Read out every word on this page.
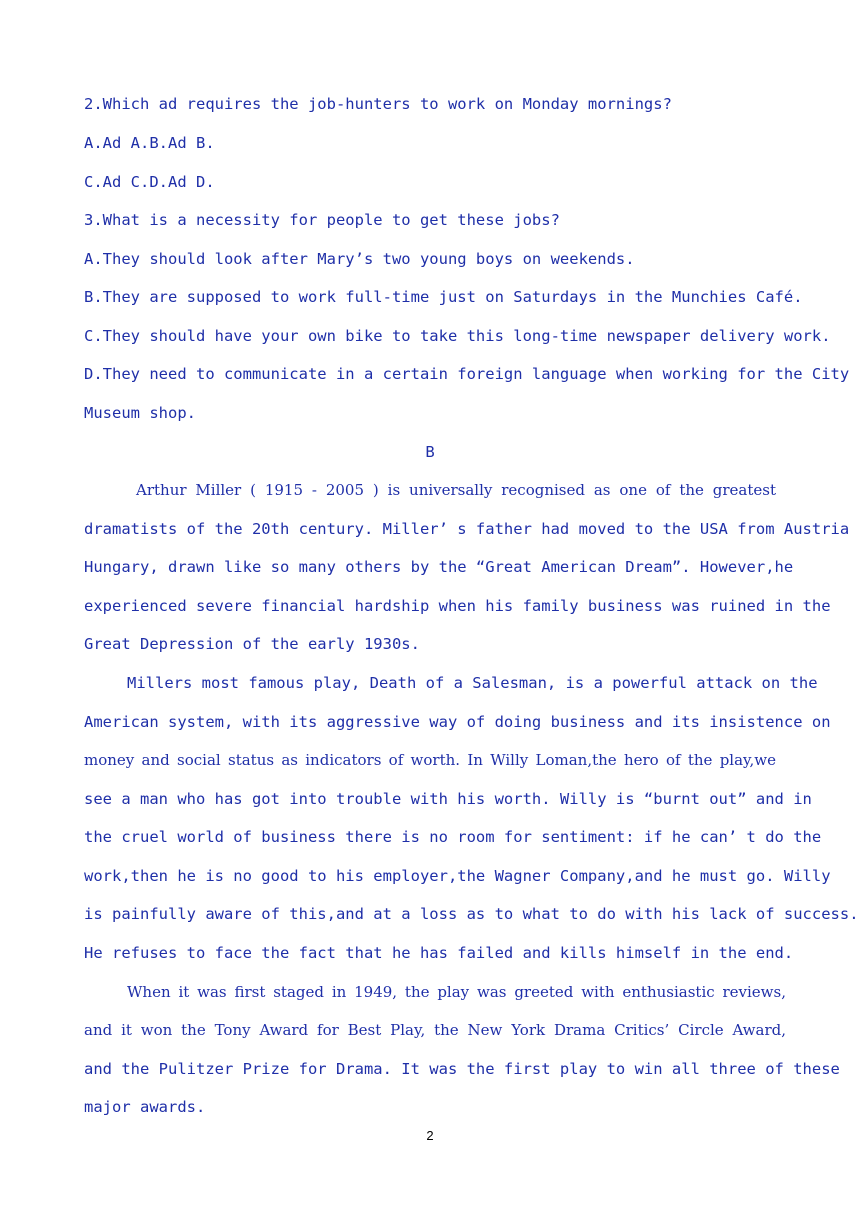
2.Which ad requires the job-hunters to work on Monday mornings?
A.Ad A.B.Ad B.
C.Ad C.D.Ad D.
3.What is a necessity for people to get these jobs?
A.They should look after Mary’s two young boys on weekends.
B.They are supposed to work full-time just on Saturdays in the Munchies Café.
C.They should have your own bike to take this long-time newspaper delivery work.
D.They need to communicate in a certain foreign language when working for the City
Museum shop.
B
Arthur Miller ( 1915 - 2005 ) is universally recognised as one of the greatest
dramatists of the 20th century. Miller’ s father had moved to the USA from Austria
Hungary, drawn like so many others by the “Great American Dream”. However,he
experienced severe financial hardship when his family business was ruined in the
Great Depression of the early 1930s.
Millers most famous play, Death of a Salesman, is a powerful attack on the
American system, with its aggressive way of doing business and its insistence on
money and social status as indicators of worth. In Willy Loman,the hero of the play,we
see a man who has got into trouble with his worth. Willy is “burnt out” and in
the cruel world of business there is no room for sentiment: if he can’ t do the
work,then he is no good to his employer,the Wagner Company,and he must go. Willy
is painfully aware of this,and at a loss as to what to do with his lack of success.
He refuses to face the fact that he has failed and kills himself in the end.
When it was first staged in 1949, the play was greeted with enthusiastic reviews,
and it won the Tony Award for Best Play, the New York Drama Critics’ Circle Award,
and the Pulitzer Prize for Drama. It was the first play to win all three of these
major awards.
2
